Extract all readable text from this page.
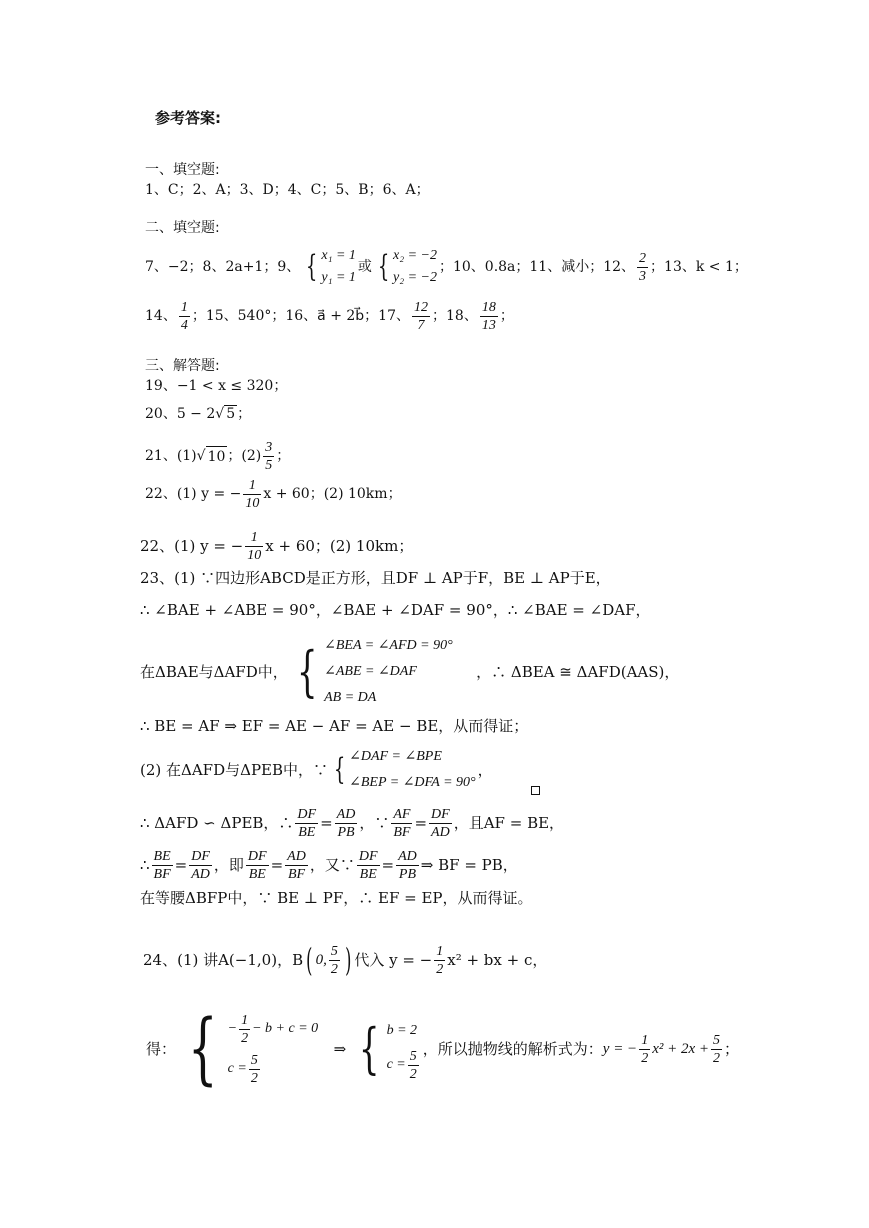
参考答案:
一、填空题:
1、C；2、A；3、D；4、C；5、B；6、A；
二、填空题:
7、−2；8、2a+1；9、 { x₁ = 1
y₁ = 1
或 { x₂ = −2
y₂ = −2
；10、0.8a；11、减小；12、 $\frac{2}{3}$ ；13、k < 1；
14、 $\frac{1}{4}$ ；15、540°；16、a⃗ + 2b⃗；17、 $\frac{12}{7}$ ；18、 $\frac{18}{13}$ ；
三、解答题:
19、−1 < x ≤ 320；
20、5 − 2√ 5 ；
21、(1) √ 10 ；$(2) \frac{3}{5}$ ；
22、(1) y = − $\frac{1}{10}$ x + 60；(2) 10km；
22、(1) y = − $\frac{1}{10}$ x + 60；(2) 10km；
23、(1) ∵四边形ABCD是正方形，且DF ⊥ AP于F，BE ⊥ AP于E，
∴ ∠BAE + ∠ABE = 90°，∠BAE + ∠DAF = 90°，∴ ∠BAE = ∠DAF，
在ΔBAE与ΔAFD中， { ∠BEA = ∠AFD = 90°
∠ABE = ∠DAF
AB = DA
，∴ ΔBEA ≅ ΔAFD(AAS)，
∴ BE = AF ⇒ EF = AE − AF = AE − BE，从而得证；
(2) 在ΔAFD与ΔPEB中，∵ { ∠DAF = ∠BPE
∠BEP = ∠DFA = 90°
，
∴ ΔAFD ∽ ΔPEB，∴ $\frac{DF}{BE} = \frac{AD}{PB}$ ，∵ $\frac{AF}{BF} = \frac{DF}{AD}$ ，且AF = BE，
∴ $\frac{BE}{BF} = \frac{DF}{AD}$ ，即 $\frac{DF}{BE} = \frac{AD}{BF}$ ，又∵ $\frac{DF}{BE} = \frac{AD}{PB}$ ⇒ BF = PB，
在等腰ΔBFP中，∵ BE ⊥ PF，∴ EF = EP，从而得证。
24、(1) 讲A(−1,0)，B ( 0, $\frac{5}{2}$ ) 代入 y = − $\frac{1}{2} x^2$ + bx + c，
得： { − $\frac{1}{2} - b + c = 0$
$c = \frac{5}{2}$
⇒ { b = 2
$c = \frac{5}{2}$ ，所以抛物线的解析式为： y = − $\frac{1}{2} x^2 + 2x + \frac{5}{2}$ ；
